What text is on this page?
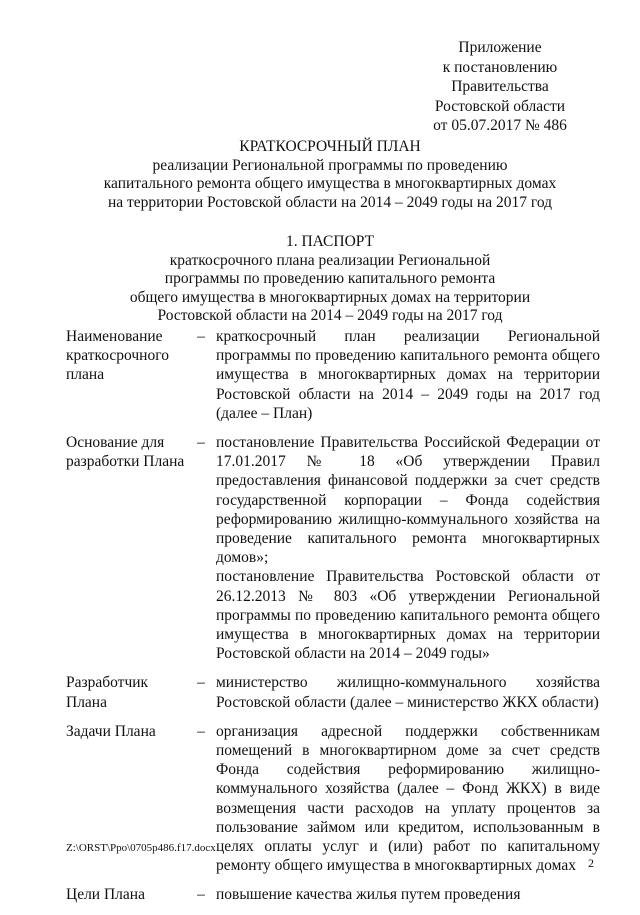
Приложение
к постановлению
Правительства
Ростовской области
от 05.07.2017 № 486
КРАТКОСРОЧНЫЙ ПЛАН
реализации Региональной программы по проведению
капитального ремонта общего имущества в многоквартирных домах
на территории Ростовской области на 2014 – 2049 годы на 2017 год
1. ПАСПОРТ
краткосрочного плана реализации Региональной
программы по проведению капитального ремонта
общего имущества в многоквартирных домах на территории
Ростовской области на 2014 – 2049 годы на 2017 год
Наименование краткосрочного плана	–	краткосрочный план реализации Региональной программы по проведению капитального ремонта общего имущества в многоквартирных домах на территории Ростовской области на 2014 – 2049 годы на 2017 год (далее – План)

Основание для разработки Плана	–	постановление Правительства Российской Федерации от 17.01.2017 № 18 «Об утверждении Правил предоставления финансовой поддержки за счет средств государственной корпорации – Фонда содействия реформированию жилищно-коммунального хозяйства на проведение капитального ремонта многоквартирных домов»;
постановление Правительства Ростовской области от 26.12.2013 № 803 «Об утверждении Региональной программы по проведению капитального ремонта общего имущества в многоквартирных домах на территории Ростовской области на 2014 – 2049 годы»

Разработчик Плана	–	министерство жилищно-коммунального хозяйства Ростовской области (далее – министерство ЖКХ области)

Задачи Плана	–	организация адресной поддержки собственникам помещений в многоквартирном доме за счет средств Фонда содействия реформированию жилищно-коммунального хозяйства (далее – Фонд ЖКХ) в виде возмещения части расходов на уплату процентов за пользование займом или кредитом, использованным в целях оплаты услуг и (или) работ по капитальному ремонту общего имущества в многоквартирных домах

Цели Плана	–	повышение качества жилья путем проведения
Z:\ORST\Ppo\0705p486.f17.docx
2
